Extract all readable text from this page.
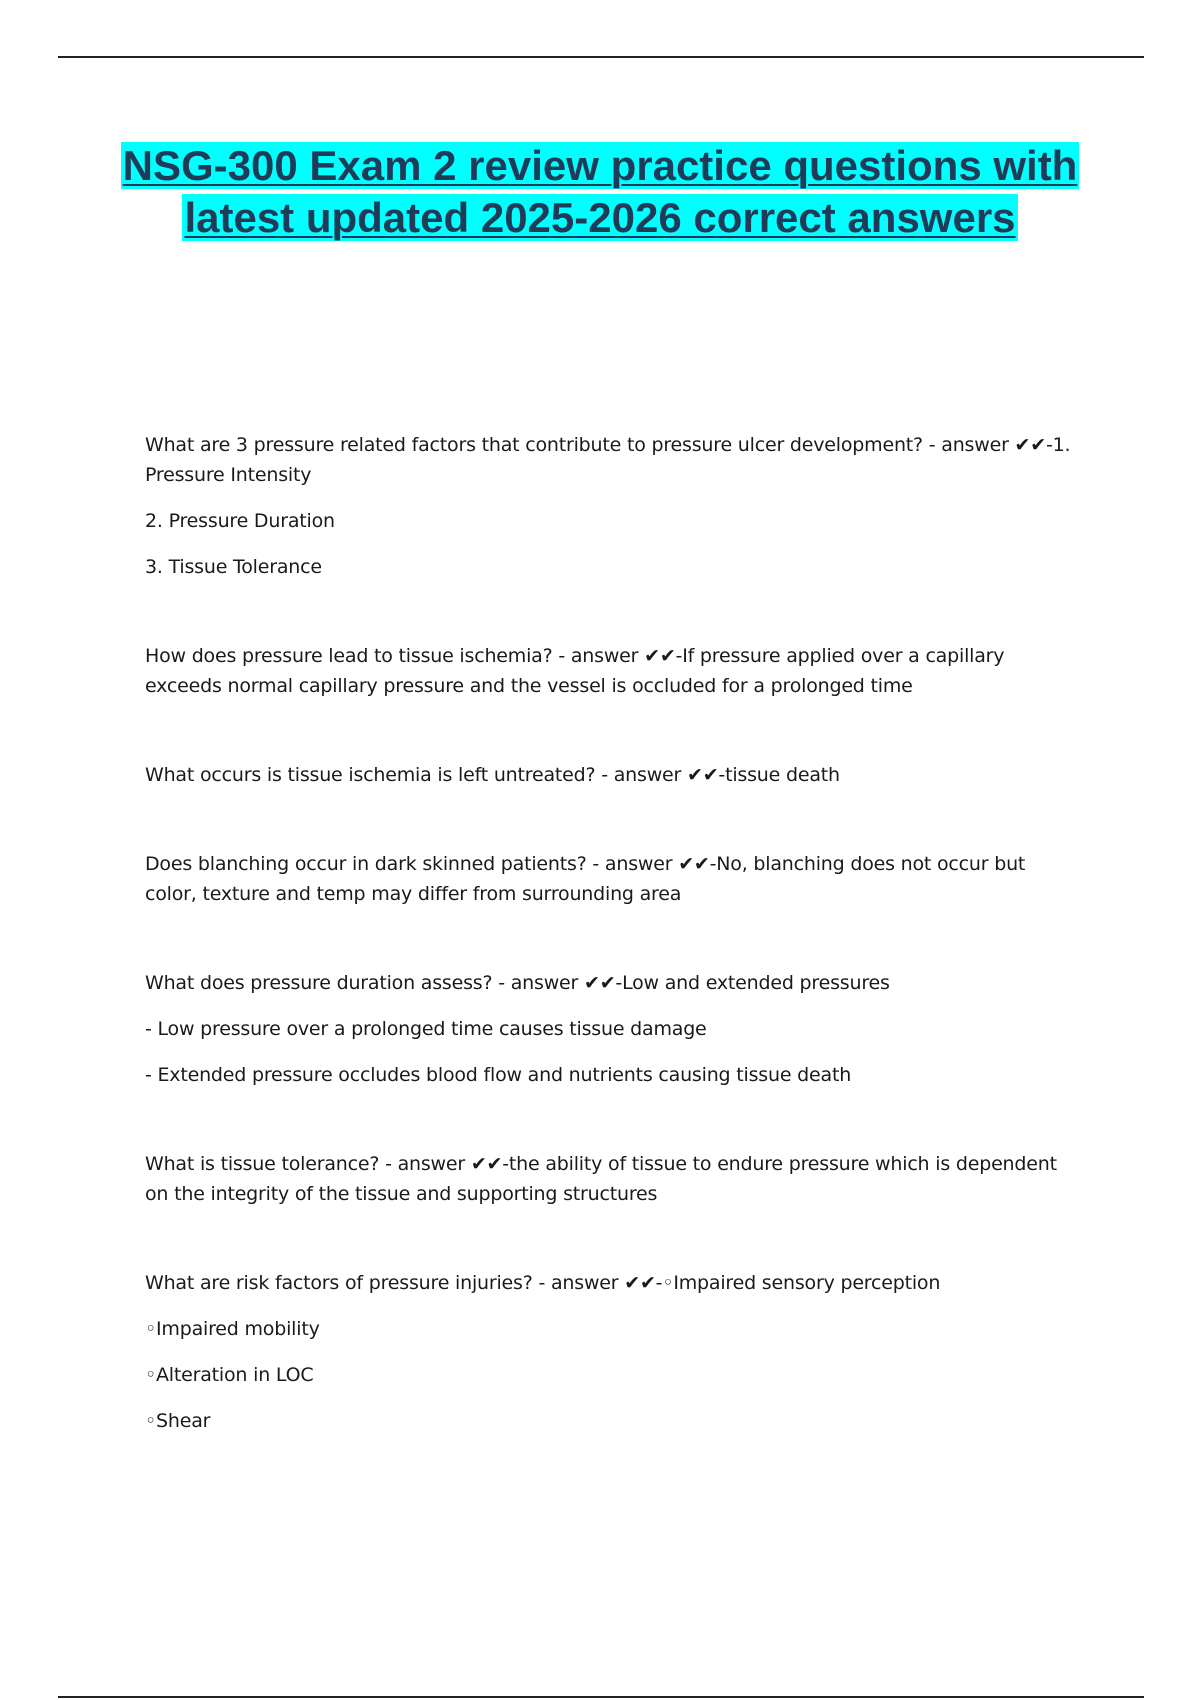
NSG-300 Exam 2 review practice questions with latest updated 2025-2026 correct answers

What are 3 pressure related factors that contribute to pressure ulcer development? - answer ✔✔-1. Pressure Intensity

2. Pressure Duration

3. Tissue Tolerance

How does pressure lead to tissue ischemia? - answer ✔✔-If pressure applied over a capillary exceeds normal capillary pressure and the vessel is occluded for a prolonged time

What occurs is tissue ischemia is left untreated? - answer ✔✔-tissue death

Does blanching occur in dark skinned patients? - answer ✔✔-No, blanching does not occur but color, texture and temp may differ from surrounding area

What does pressure duration assess? - answer ✔✔-Low and extended pressures

- Low pressure over a prolonged time causes tissue damage

- Extended pressure occludes blood flow and nutrients causing tissue death

What is tissue tolerance? - answer ✔✔-the ability of tissue to endure pressure which is dependent on the integrity of the tissue and supporting structures

What are risk factors of pressure injuries? - answer ✔✔-◦Impaired sensory perception

◦Impaired mobility

◦Alteration in LOC

◦Shear
